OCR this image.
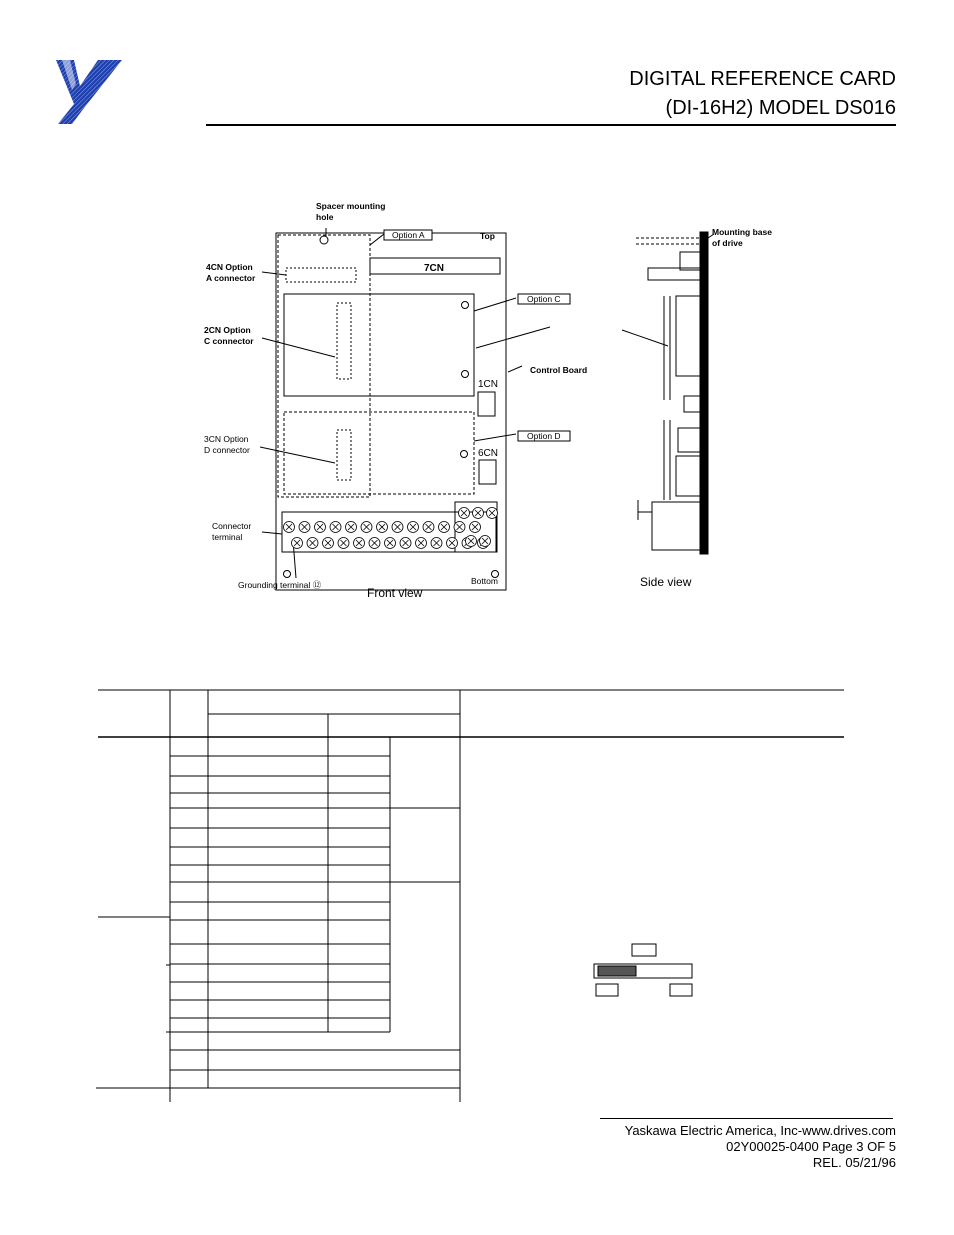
DIGITAL REFERENCE CARD
(DI-16H2) MODEL DS016
Spacer mounting
hole
Option A	Top
4CN Option
A connector
7CN
Option C
2CN Option
C connector
Control Board
1CN
3CN Option
D connector
Option D
6CN
Connector
terminal
Grounding terminal ⑫	Bottom
Front view
Mounting base
of drive
Side view
Yaskawa Electric America, Inc-www.drives.com
02Y00025-0400 Page 3 OF 5
REL. 05/21/96
